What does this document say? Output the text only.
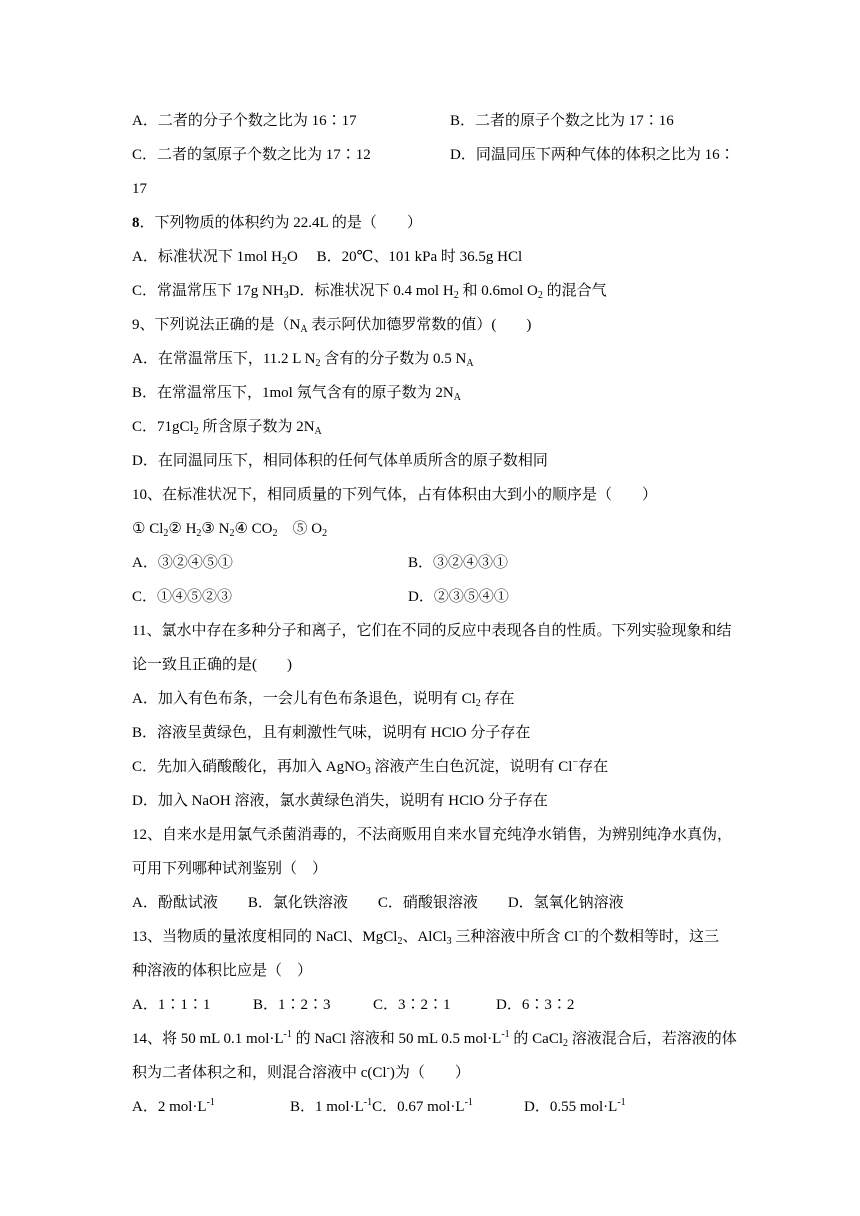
A．二者的分子个数之比为 16∶17	B．二者的原子个数之比为 17∶16
C．二者的氢原子个数之比为 17∶12	D．同温同压下两种气体的体积之比为 16∶
17
8．下列物质的体积约为 22.4L 的是（　　）
A．标准状况下 1mol $H_2O$　 B．20℃、101 kPa 时 36.5g HCl
C．常温常压下 17g $NH_3D$．标准状况下 0.4 mol $H_2$ 和 0.6mol $O_2$ 的混合气
9、下列说法正确的是（$N_A$ 表示阿伏加德罗常数的值）(　　)
A．在常温常压下，11.2 L $N_2$ 含有的分子数为 0.5 $N_A$
B．在常温常压下，1mol 氖气含有的原子数为 $2N_A$
C．71gCl$_2$ 所含原子数为 $2N_A$
D．在同温同压下，相同体积的任何气体单质所含的原子数相同
10、在标准状况下，相同质量的下列气体，占有体积由大到小的顺序是（　　）
① $Cl_2②$ $H_2③$ $N_2④$ $CO_2$　⑤ $O_2$
A．③②④⑤①	B．③②④③①
C．①④⑤②③	D．②③⑤④①
11、氯水中存在多种分子和离子，它们在不同的反应中表现各自的性质。下列实验现象和结
论一致且正确的是(　　)
A．加入有色布条，一会儿有色布条退色，说明有 $Cl_2$ 存在
B．溶液呈黄绿色，且有刺激性气味，说明有 HClO 分子存在
C．先加入硝酸酸化，再加入 AgNO$_3$ 溶液产生白色沉淀，说明有 Cl−存在
D．加入 NaOH 溶液，氯水黄绿色消失，说明有 HClO 分子存在
12、自来水是用氯气杀菌消毒的，不法商贩用自来水冒充纯净水销售，为辨别纯净水真伪，
可用下列哪种试剂鉴别（　）
A．酚酞试液　　B．氯化铁溶液　　C．硝酸银溶液　　D．氢氧化钠溶液
13、当物质的量浓度相同的 NaCl、MgCl$_2$、AlCl$_3$ 三种溶液中所含 Cl−的个数相等时，这三
种溶液的体积比应是（　）
A．1∶1∶1	B．1∶2∶3	C．3∶2∶1	D．6∶3∶2
14、将 50 mL 0.1 $mol\cdot L^{-1}$ 的 NaCl 溶液和 50 mL 0.5 $mol\cdot L^{-1}$ 的 CaCl$_2$ 溶液混合后，若溶液的体
积为二者体积之和，则混合溶液中 c(Cl-)为（　　）
A．2 $mol\cdot L^{-1}$	B．1 $mol\cdot L^{-1}C$．0.67 $mol\cdot L^{-1}$	D．0.55 $mol\cdot L^{-1}$
